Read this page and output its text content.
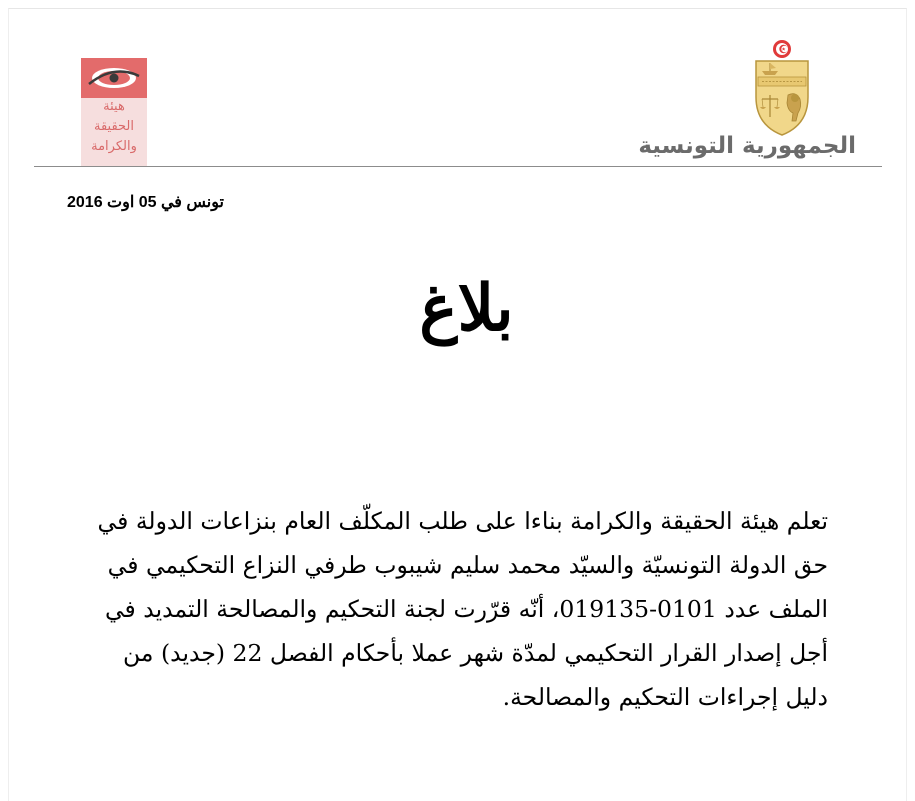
الجمهورية التونسية
هيئة
الحقيقة
والكرامة
تونس في 05 اوت 2016
بلاغ
تعلم هيئة الحقيقة والكرامة بناءا على طلب المكلّف العام بنزاعات الدولة في
حق الدولة التونسيّة والسيّد محمد سليم شيبوب طرفي النزاع التحكيمي في
الملف عدد 0101-019135، أنّه قرّرت لجنة التحكيم والمصالحة التمديد في
أجل إصدار القرار التحكيمي لمدّة شهر عملا بأحكام الفصل 22 (جديد) من
دليل إجراءات التحكيم والمصالحة.
